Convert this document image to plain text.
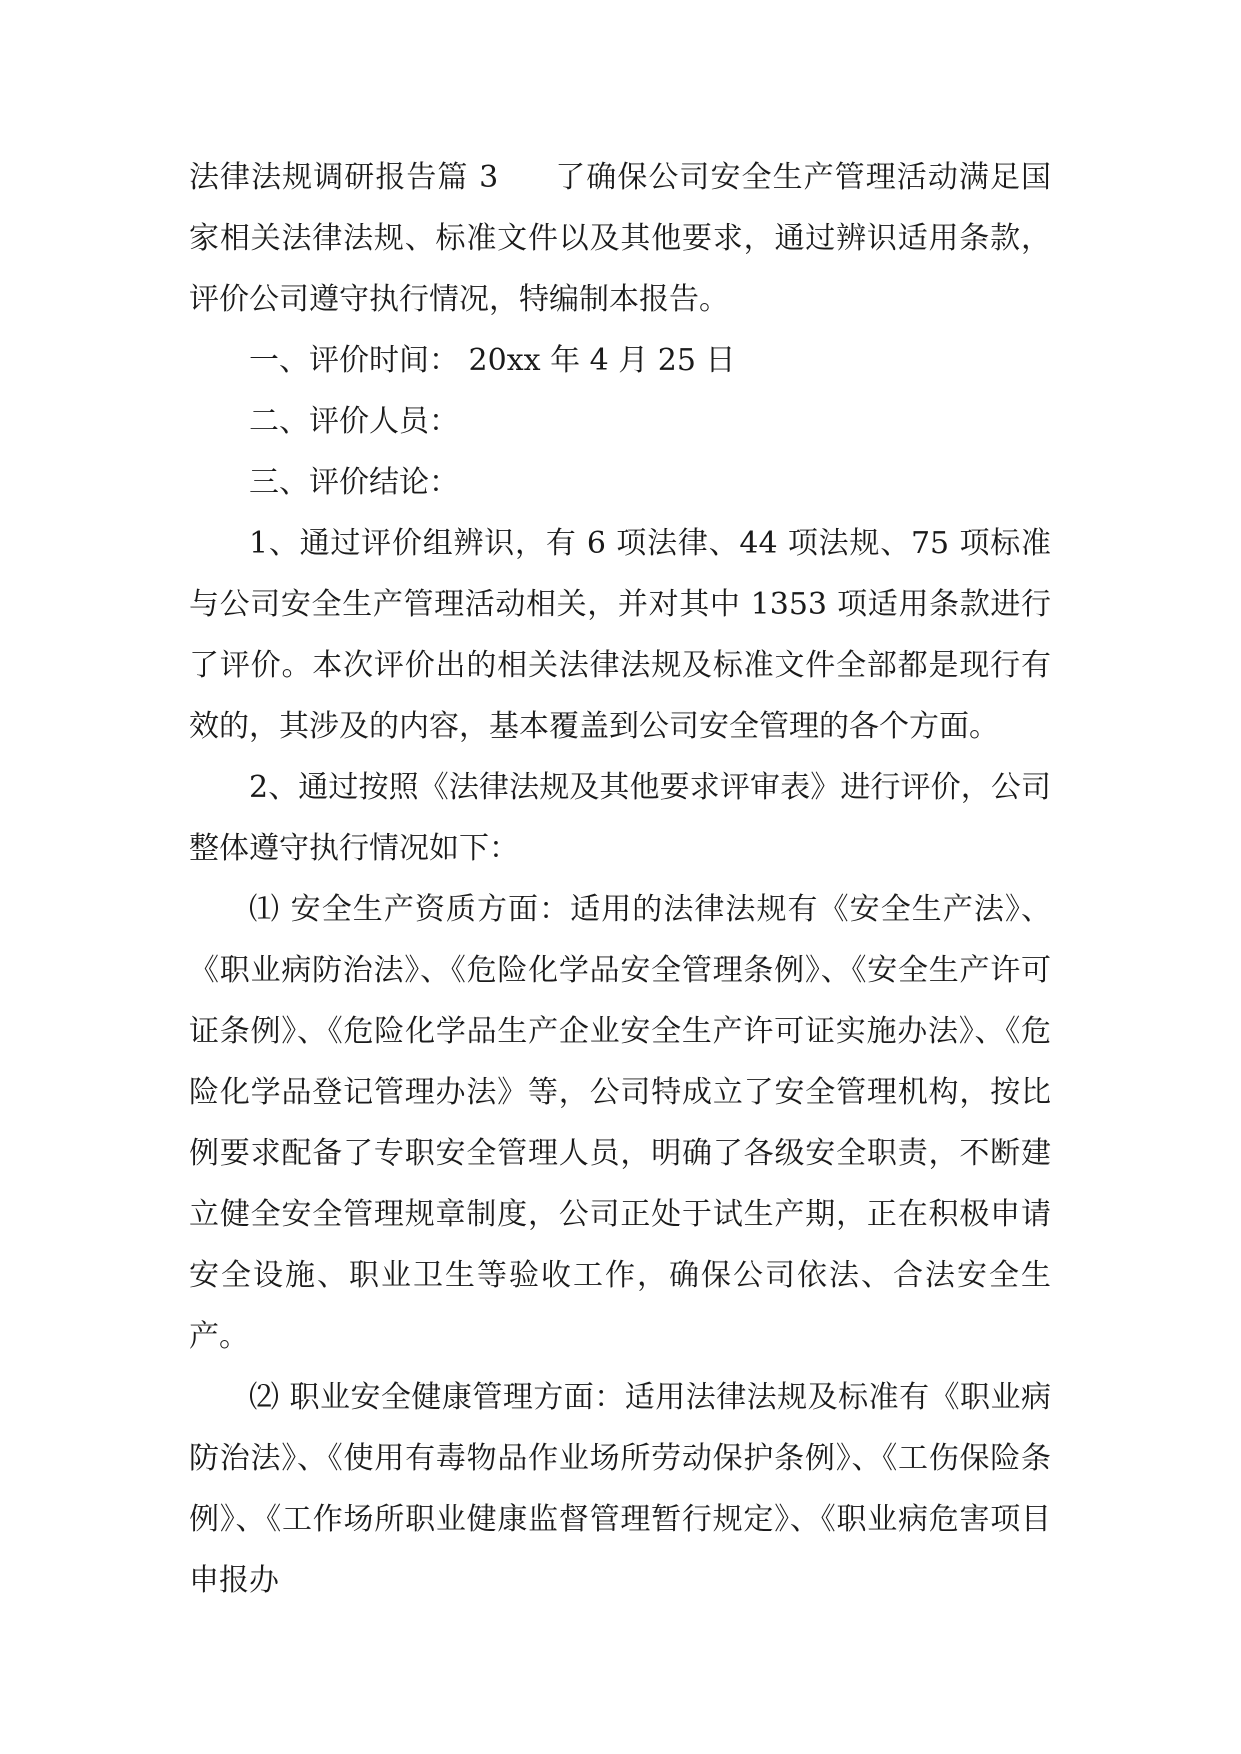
法律法规调研报告篇 3 了确保公司安全生产管理活动满足国家相关法律法规、标准文件以及其他要求，通过辨识适用条款，评价公司遵守执行情况，特编制本报告。

一、评价时间： 20xx 年 4 月 25 日

二、评价人员：

三、评价结论：

1、通过评价组辨识，有 6 项法律、44 项法规、75 项标准与公司安全生产管理活动相关，并对其中 1353 项适用条款进行了评价。本次评价出的相关法律法规及标准文件全部都是现行有效的，其涉及的内容，基本覆盖到公司安全管理的各个方面。

2、通过按照《法律法规及其他要求评审表》进行评价，公司整体遵守执行情况如下：

⑴ 安全生产资质方面：适用的法律法规有《安全生产法》、《职业病防治法》、《危险化学品安全管理条例》、《安全生产许可证条例》、《危险化学品生产企业安全生产许可证实施办法》、《危险化学品登记管理办法》等，公司特成立了安全管理机构，按比例要求配备了专职安全管理人员，明确了各级安全职责，不断建立健全安全管理规章制度，公司正处于试生产期，正在积极申请安全设施、职业卫生等验收工作，确保公司依法、合法安全生产。

⑵ 职业安全健康管理方面：适用法律法规及标准有《职业病防治法》、《使用有毒物品作业场所劳动保护条例》、《工伤保险条例》、《工作场所职业健康监督管理暂行规定》、《职业病危害项目申报办
